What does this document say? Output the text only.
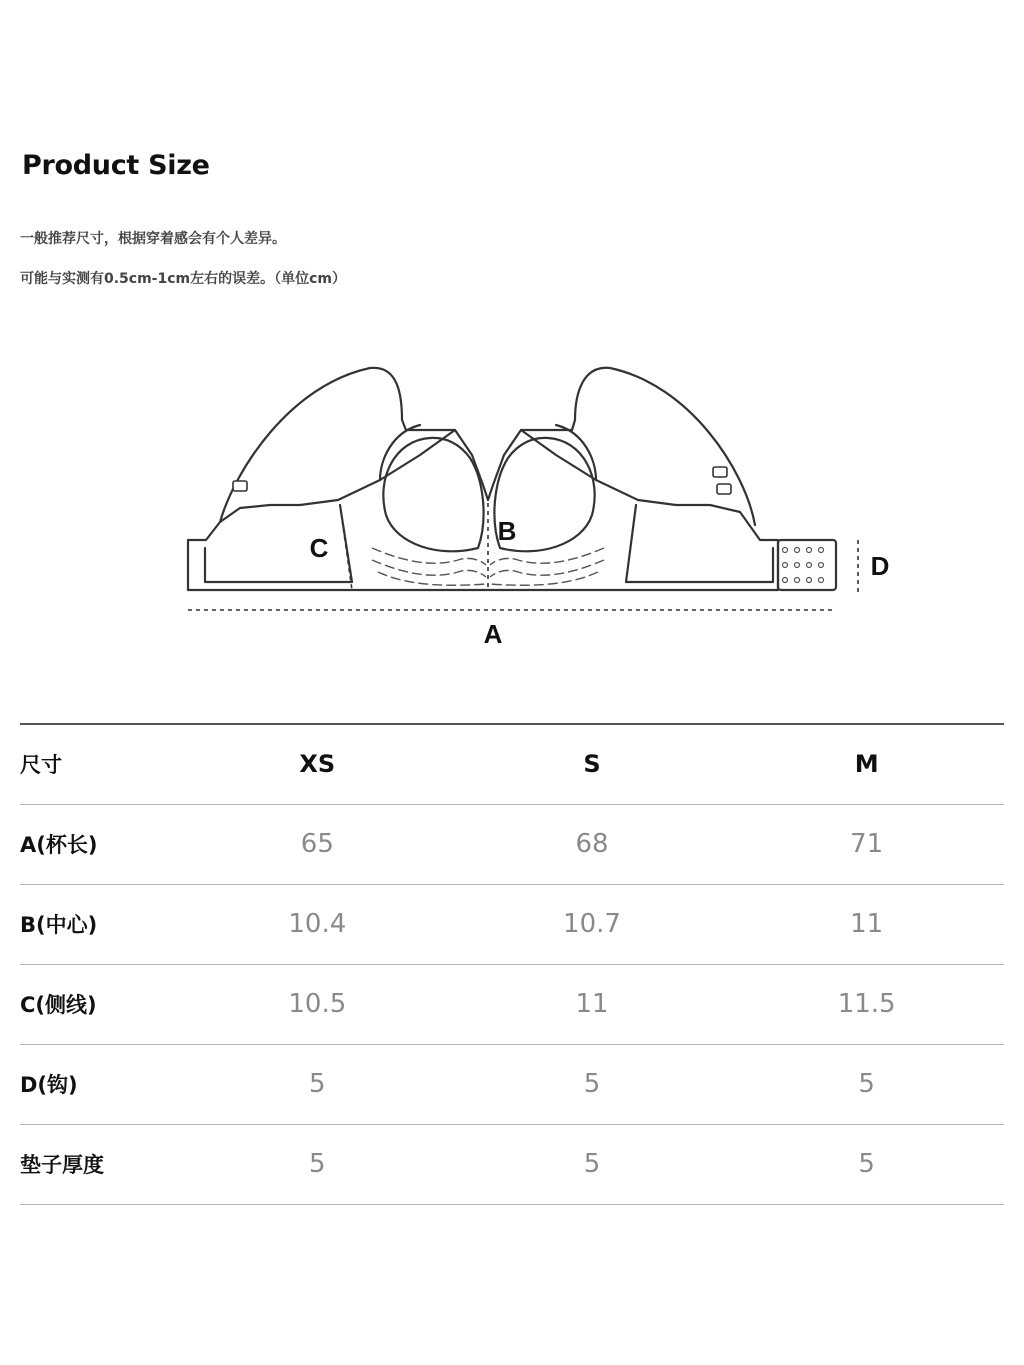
Product Size
一般推荐尺寸，根据穿着感会有个人差异。
可能与实测有0.5cm-1cm左右的误差。（单位cm）
A
B
C
D
尺寸	XS	S	M
A(杯长)	65	68	71
B(中心)	10.4	10.7	11
C(侧线)	10.5	11	11.5
D(钩)	5	5	5
垫子厚度	5	5	5
